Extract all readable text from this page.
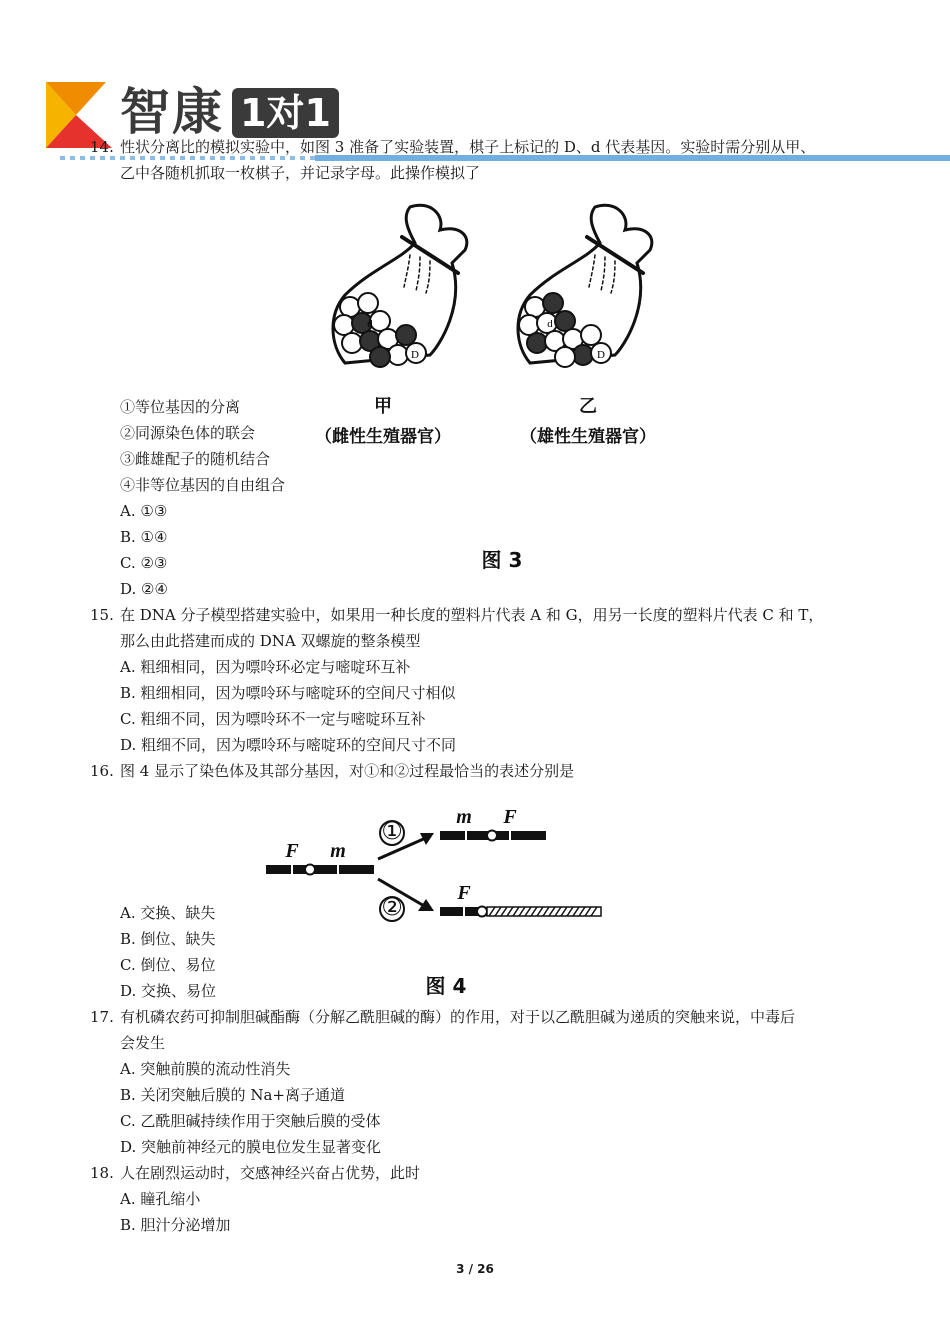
智康 1对1
14. 性状分离比的模拟实验中，如图 3 准备了实验装置，棋子上标记的 D、d 代表基因。实验时需分别从甲、
乙中各随机抓取一枚棋子，并记录字母。此操作模拟了
d
D
甲
（雌性生殖器官）
d
D
乙
（雄性生殖器官）
图 3
①等位基因的分离
②同源染色体的联会
③雌雄配子的随机结合
④非等位基因的自由组合
A. ①③
B. ①④
C. ②③
D. ②④
15. 在 DNA 分子模型搭建实验中，如果用一种长度的塑料片代表 A 和 G，用另一长度的塑料片代表 C 和 T，
那么由此搭建而成的 DNA 双螺旋的整条模型
A. 粗细相同，因为嘌呤环必定与嘧啶环互补
B. 粗细相同，因为嘌呤环与嘧啶环的空间尺寸相似
C. 粗细不同，因为嘌呤环不一定与嘧啶环互补
D. 粗细不同，因为嘌呤环与嘧啶环的空间尺寸不同
16. 图 4 显示了染色体及其部分基因，对①和②过程最恰当的表述分别是
F m
①
②
m F
F
图 4
A. 交换、缺失
B. 倒位、缺失
C. 倒位、易位
D. 交换、易位
17. 有机磷农药可抑制胆碱酯酶（分解乙酰胆碱的酶）的作用，对于以乙酰胆碱为递质的突触来说，中毒后
会发生
A. 突触前膜的流动性消失
B. 关闭突触后膜的 Na+离子通道
C. 乙酰胆碱持续作用于突触后膜的受体
D. 突触前神经元的膜电位发生显著变化
18. 人在剧烈运动时，交感神经兴奋占优势，此时
A. 瞳孔缩小
B. 胆汁分泌增加
3 / 26
